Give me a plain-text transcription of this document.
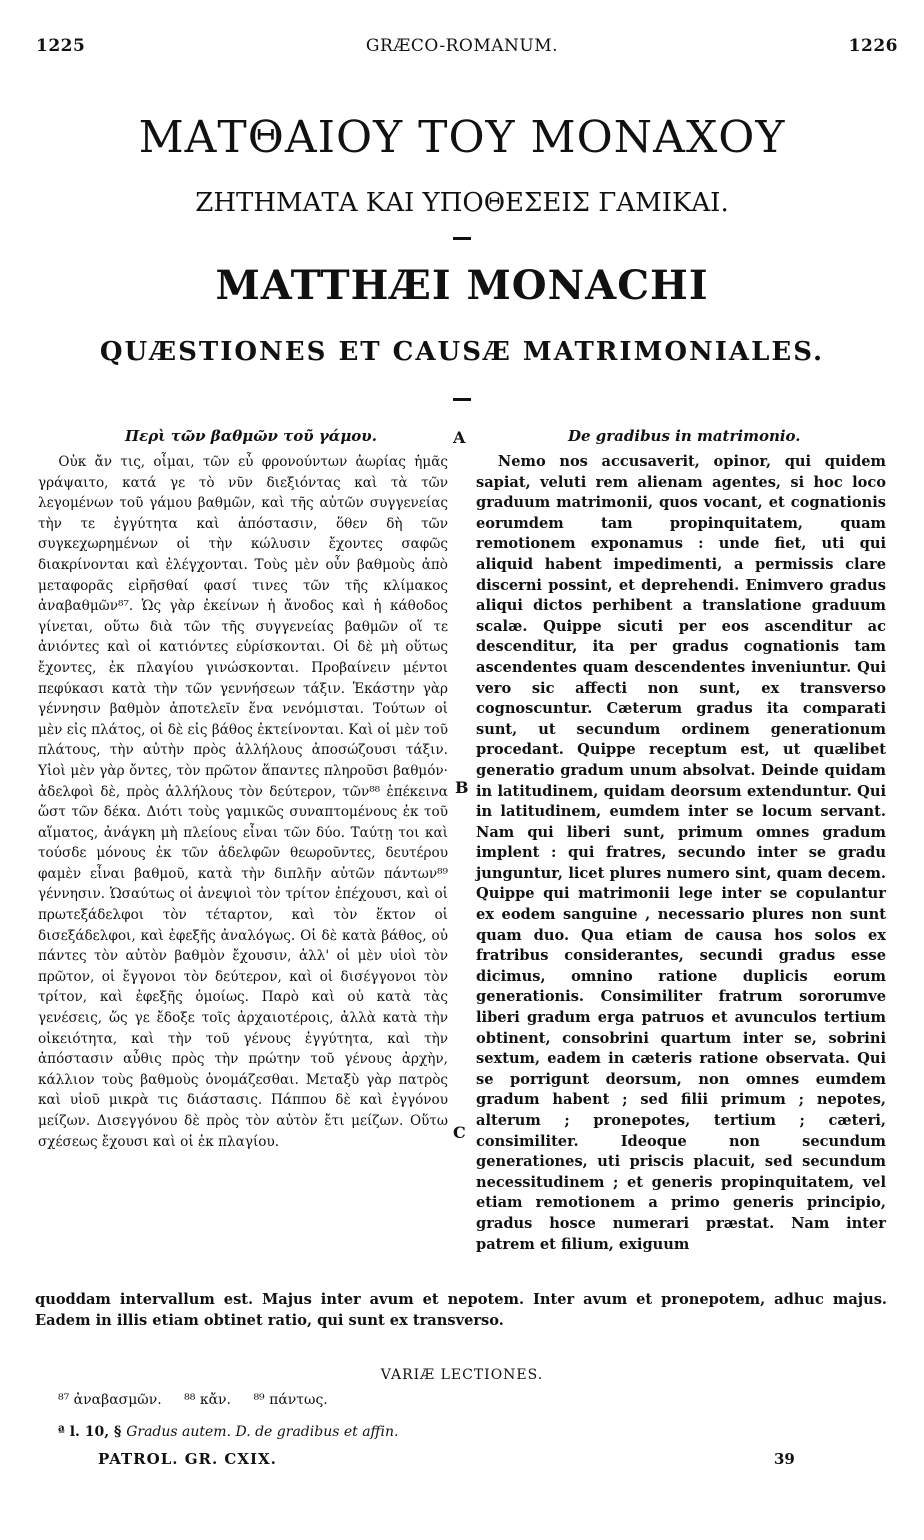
1225	GRÆCO-ROMANUM.	1226
ΜΑΤΘΑΙΟΥ ΤΟΥ ΜΟΝΑΧΟΥ
ΖΗΤΗΜΑΤΑ ΚΑΙ ΥΠΟΘΕΣΕΙΣ ΓΑΜΙΚΑΙ.
MATTHÆI MONACHI
QUÆSTIONES ET CAUSÆ MATRIMONIALES.
Περὶ τῶν βαθμῶν τοῦ γάμου.	De gradibus in matrimonio.
A
B
C

Οὐκ ἄν τις, οἶμαι, τῶν εὖ φρονούντων ἀωρίας ἡμᾶς γράψαιτο, κατά γε τὸ νῦν διεξιόντας καὶ τὰ τῶν λεγομένων τοῦ γάμου βαθμῶν, καὶ τῆς αὐτῶν συγγενείας τὴν τε ἐγγύτητα καὶ ἀπόστασιν, ὅθεν δὴ τῶν συγκεχωρημένων οἱ τὴν κώλυσιν ἔχοντες σαφῶς διακρίνονται καὶ ἐλέγχονται. Τοὺς μὲν οὖν βαθμοὺς ἀπὸ μεταφορᾶς εἰρῆσθαί φασί τινες τῶν τῆς κλίμακος ἀναβαθμῶν⁸⁷. Ὡς γὰρ ἐκείνων ἡ ἄνοδος καὶ ἡ κάθοδος γίνεται, οὕτω διὰ τῶν τῆς συγγενείας βαθμῶν οἵ τε ἀνιόντες καὶ οἱ κατιόντες εὑρίσκονται. Οἱ δὲ μὴ οὕτως ἔχοντες, ἐκ πλαγίου γινώσκονται. Προβαίνειν μέντοι πεφύκασι κατὰ τὴν τῶν γεννήσεων τάξιν. Ἑκάστην γὰρ γέννησιν βαθμὸν ἀποτελεῖν ἕνα νενόμισται. Τούτων οἱ μὲν εἰς πλάτος, οἱ δὲ εἰς βάθος ἐκτείνονται. Καὶ οἱ μὲν τοῦ πλάτους, τὴν αὐτὴν πρὸς ἀλλήλους ἀποσώζουσι τάξιν. Υἱοὶ μὲν γὰρ ὄντες, τὸν πρῶτον ἅπαντες πληροῦσι βαθμόν· ἀδελφοὶ δὲ, πρὸς ἀλλήλους τὸν δεύτερον, τῶν⁸⁸ ἐπέκεινα ὥστ τῶν δέκα. Διότι τοὺς γαμικῶς συναπτομένους ἐκ τοῦ αἵματος, ἀνάγκη μὴ πλείους εἶναι τῶν δύο. Ταύτῃ τοι καὶ τούσδε μόνους ἐκ τῶν ἀδελφῶν θεωροῦντες, δευτέρου φαμὲν εἶναι βαθμοῦ, κατὰ τὴν διπλῆν αὐτῶν πάντων⁸⁹ γέννησιν. Ὡσαύτως οἱ ἀνεψιοὶ τὸν τρίτον ἐπέχουσι, καὶ οἱ πρωτεξάδελφοι τὸν τέταρτον, καὶ τὸν ἕκτον οἱ δισεξάδελφοι, καὶ ἐφεξῆς ἀναλόγως. Οἱ δὲ κατὰ βάθος, οὐ πάντες τὸν αὐτὸν βαθμὸν ἔχουσιν, ἀλλ' οἱ μὲν υἱοὶ τὸν πρῶτον, οἱ ἔγγονοι τὸν δεύτερον, καὶ οἱ δισέγγονοι τὸν τρίτον, καὶ ἐφεξῆς ὁμοίως. Παρὸ καὶ οὐ κατὰ τὰς γενέσεις, ὥς γε ἔδοξε τοῖς ἀρχαιοτέροις, ἀλλὰ κατὰ τὴν οἰκειότητα, καὶ τὴν τοῦ γένους ἐγγύτητα, καὶ τὴν ἀπόστασιν αὖθις πρὸς τὴν πρώτην τοῦ γένους ἀρχὴν, κάλλιον τοὺς βαθμοὺς ὀνομάζεσθαι. Μεταξὺ γὰρ πατρὸς καὶ υἱοῦ μικρὰ τις διάστασις. Πάππου δὲ καὶ ἐγγόνου μείζων. Δισεγγόνου δὲ πρὸς τὸν αὐτὸν ἔτι μείζων. Οὕτω σχέσεως ἔχουσι καὶ οἱ ἐκ πλαγίου.

Nemo nos accusaverit, opinor, qui quidem sapiat, veluti rem alienam agentes, si hoc loco graduum matrimonii, quos vocant, et cognationis eorumdem tam propinquitatem, quam remotionem exponamus : unde fiet, uti qui aliquid habent impedimenti, a permissis clare discerni possint, et deprehendi. Enimvero gradus aliqui dictos perhibent a translatione graduum scalæ. Quippe sicuti per eos ascenditur ac descenditur, ita per gradus cognationis tam ascendentes quam descendentes inveniuntur. Qui vero sic affecti non sunt, ex transverso cognoscuntur. Cæterum gradus ita comparati sunt, ut secundum ordinem generationum procedant. Quippe receptum est, ut quælibet generatio gradum unum absolvat. Deinde quidam in latitudinem, quidam deorsum extenduntur. Qui in latitudinem, eumdem inter se locum servant. Nam qui liberi sunt, primum omnes gradum implent : qui fratres, secundo inter se gradu junguntur, licet plures numero sint, quam decem. Quippe qui matrimonii lege inter se copulantur ex eodem sanguine , necessario plures non sunt quam duo. Qua etiam de causa hos solos ex fratribus considerantes, secundi gradus esse dicimus, omnino ratione duplicis eorum generationis. Consimiliter fratrum sororumve liberi gradum erga patruos et avunculos tertium obtinent, consobrini quartum inter se, sobrini sextum, eadem in cæteris ratione observata. Qui se porrigunt deorsum, non omnes eumdem gradum habent ; sed filii primum ; nepotes, alterum ; pronepotes, tertium ; cæteri, consimiliter. Ideoque non secundum generationes, uti priscis placuit, sed secundum necessitudinem ; et generis propinquitatem, vel etiam remotionem a primo generis principio, gradus hosce numerari præstat. Nam inter patrem et filium, exiguum

quoddam intervallum est. Majus inter avum et nepotem. Inter avum et pronepotem, adhuc majus. Eadem in illis etiam obtinet ratio, qui sunt ex transverso.

VARIÆ LECTIONES.
⁸⁷ ἀναβασμῶν. ⁸⁸ κἄν. ⁸⁹ πάντως.
ª l. 10, § Gradus autem. D. de gradibus et affin.
PATROL. GR. CXIX.	39
